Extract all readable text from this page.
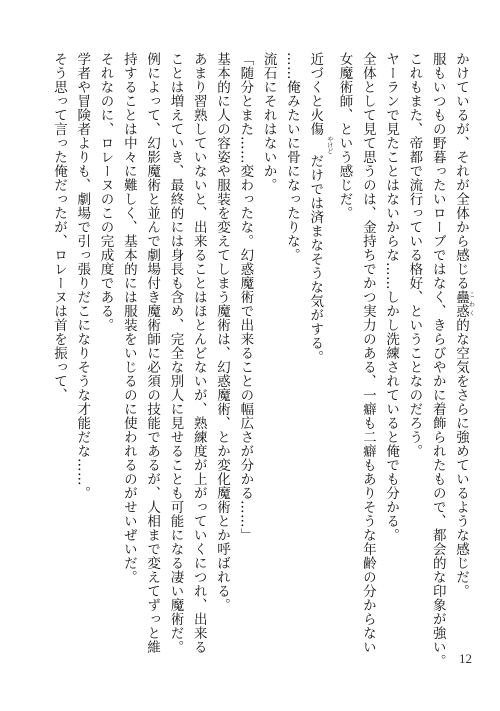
かけているが、それが全体から感じる蠱惑こわく的な空気をさらに強めているような感じだ。
服もいつもの野暮ったいローブではなく、きらびやかに着飾られたもので、都会的な印象が強い。
これもまた、帝都で流行っている格好、ということなのだろう。
ヤーランで見たことはないからな……しかし洗練されていると俺でも分かる。
全体として見て思うのは、金持ちでかつ実力のある、一癖も二癖もありそうな年齢の分からない
女魔術師、という感じだ。
近づくと火傷やけどだけでは済まなそうな気がする。
……俺みたいに骨になったりな。
流石にそれはないか。
「随分とまた……変わったな。幻惑魔術で出来ることの幅広さが分かる……」
基本的に人の容姿や服装を変えてしまう魔術は、幻惑魔術、とか変化魔術とか呼ばれる。
あまり習熟していないと、出来ることはほとんどないが、熟練度が上がっていくにつれ、出来る
ことは増えていき、最終的には身長も含め、完全な別人に見せることも可能になる凄い魔術だ。
例によって、幻影魔術と並んで劇場付き魔術師に必須の技能であるが、人相まで変えてずっと維
持することは中々に難しく、基本的には服装をいじるのに使われるのがせいぜいだ。
それなのに、ロレーヌのこの完成度である。
学者や冒険者よりも、劇場で引っ張りだこになりそうな才能だな……。
そう思って言った俺だったが、ロレーヌは首を振って、
12
